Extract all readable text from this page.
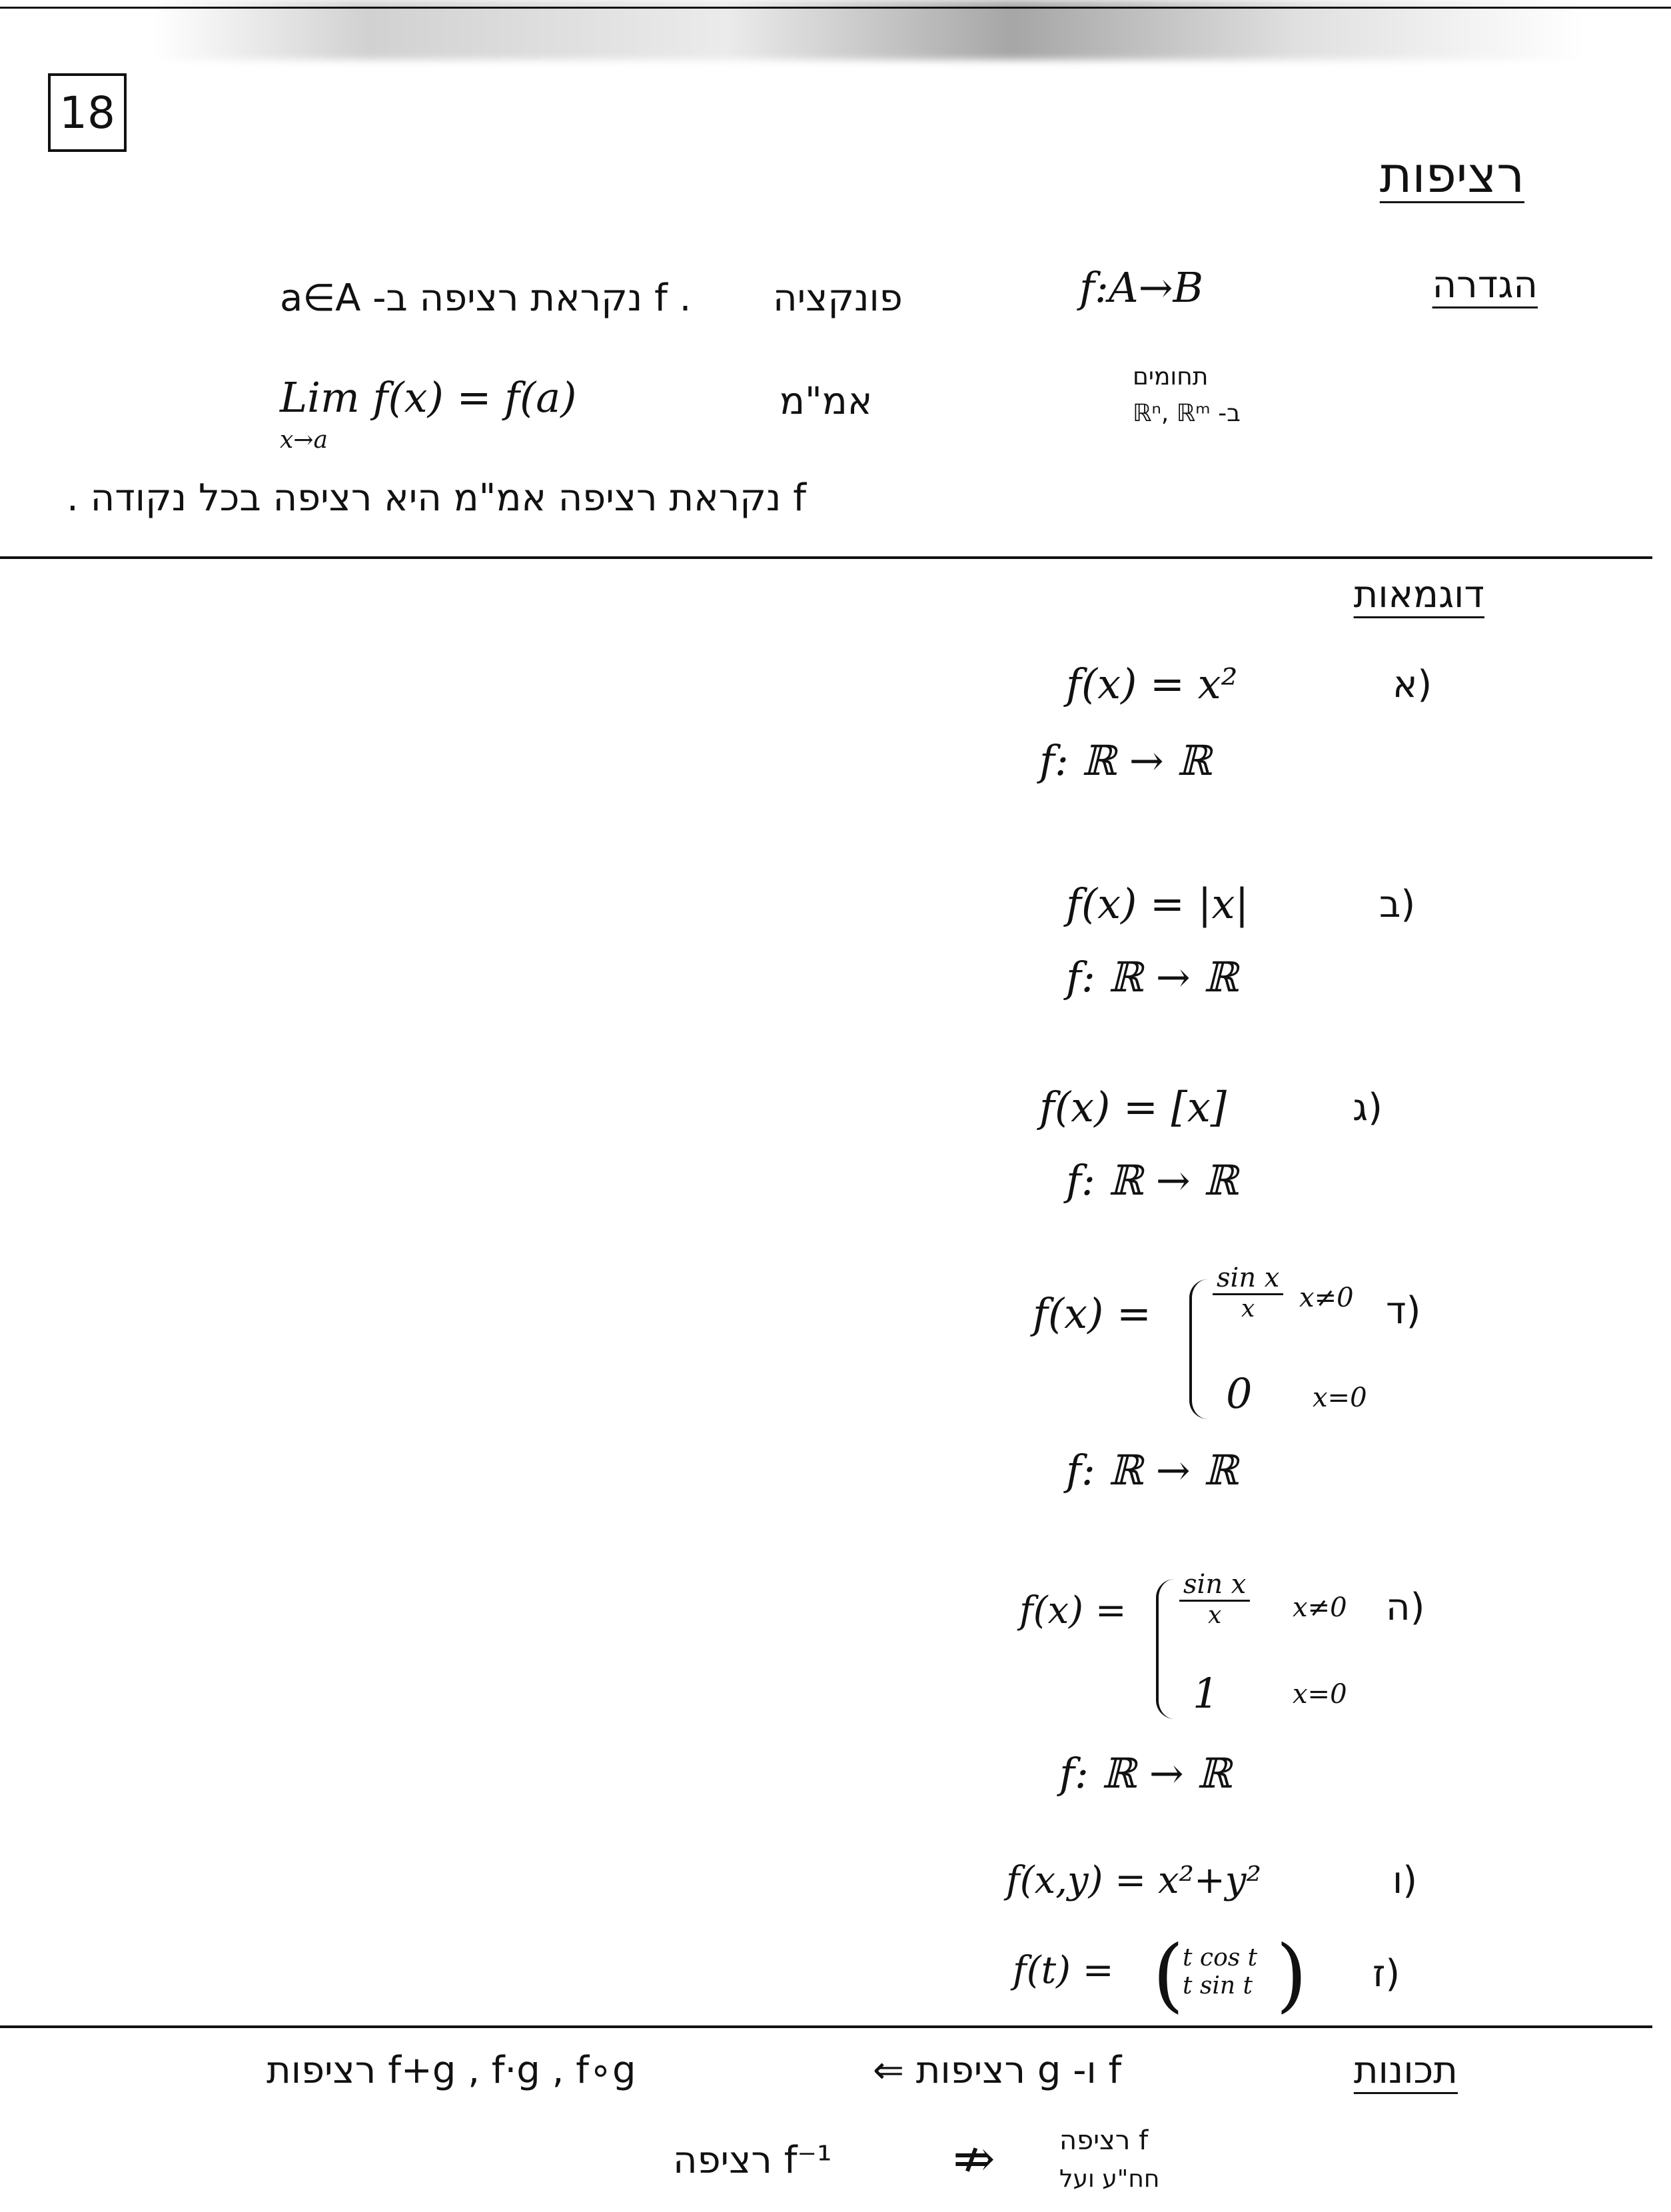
18
רציפות
הגדרה
f:A→B
תחומים
ב- ℝⁿ, ℝᵐ
פונקציה
. f נקראת רציפה ב- a∈A
Lim f(x) = f(a)
x→a
אמ"מ
f נקראת רציפה אמ"מ היא רציפה בכל נקודה .
דוגמאות
(א
f(x) = x²
f: ℝ → ℝ
(ב
f(x) = |x|
f: ℝ → ℝ
(ג
f(x) = [x]
f: ℝ → ℝ
(ד
$f(x) = \frac{\text{sin x}}{x} x\ne 0$
0 x=0
f: ℝ → ℝ
(ה
$f(x) = \frac{\text{sin x}}{x} x\ne 0$
1	x=0
f: ℝ → ℝ
(ו
f(x,y) = x²+y²
(ז
f(t) = (
t cos t
t sin t )
תכונות
f ו- g רציפות ⇐
f+g , f·g , f∘g רציפות
f רציפה
חח"ע ועל
⇏
f⁻¹ רציפה
